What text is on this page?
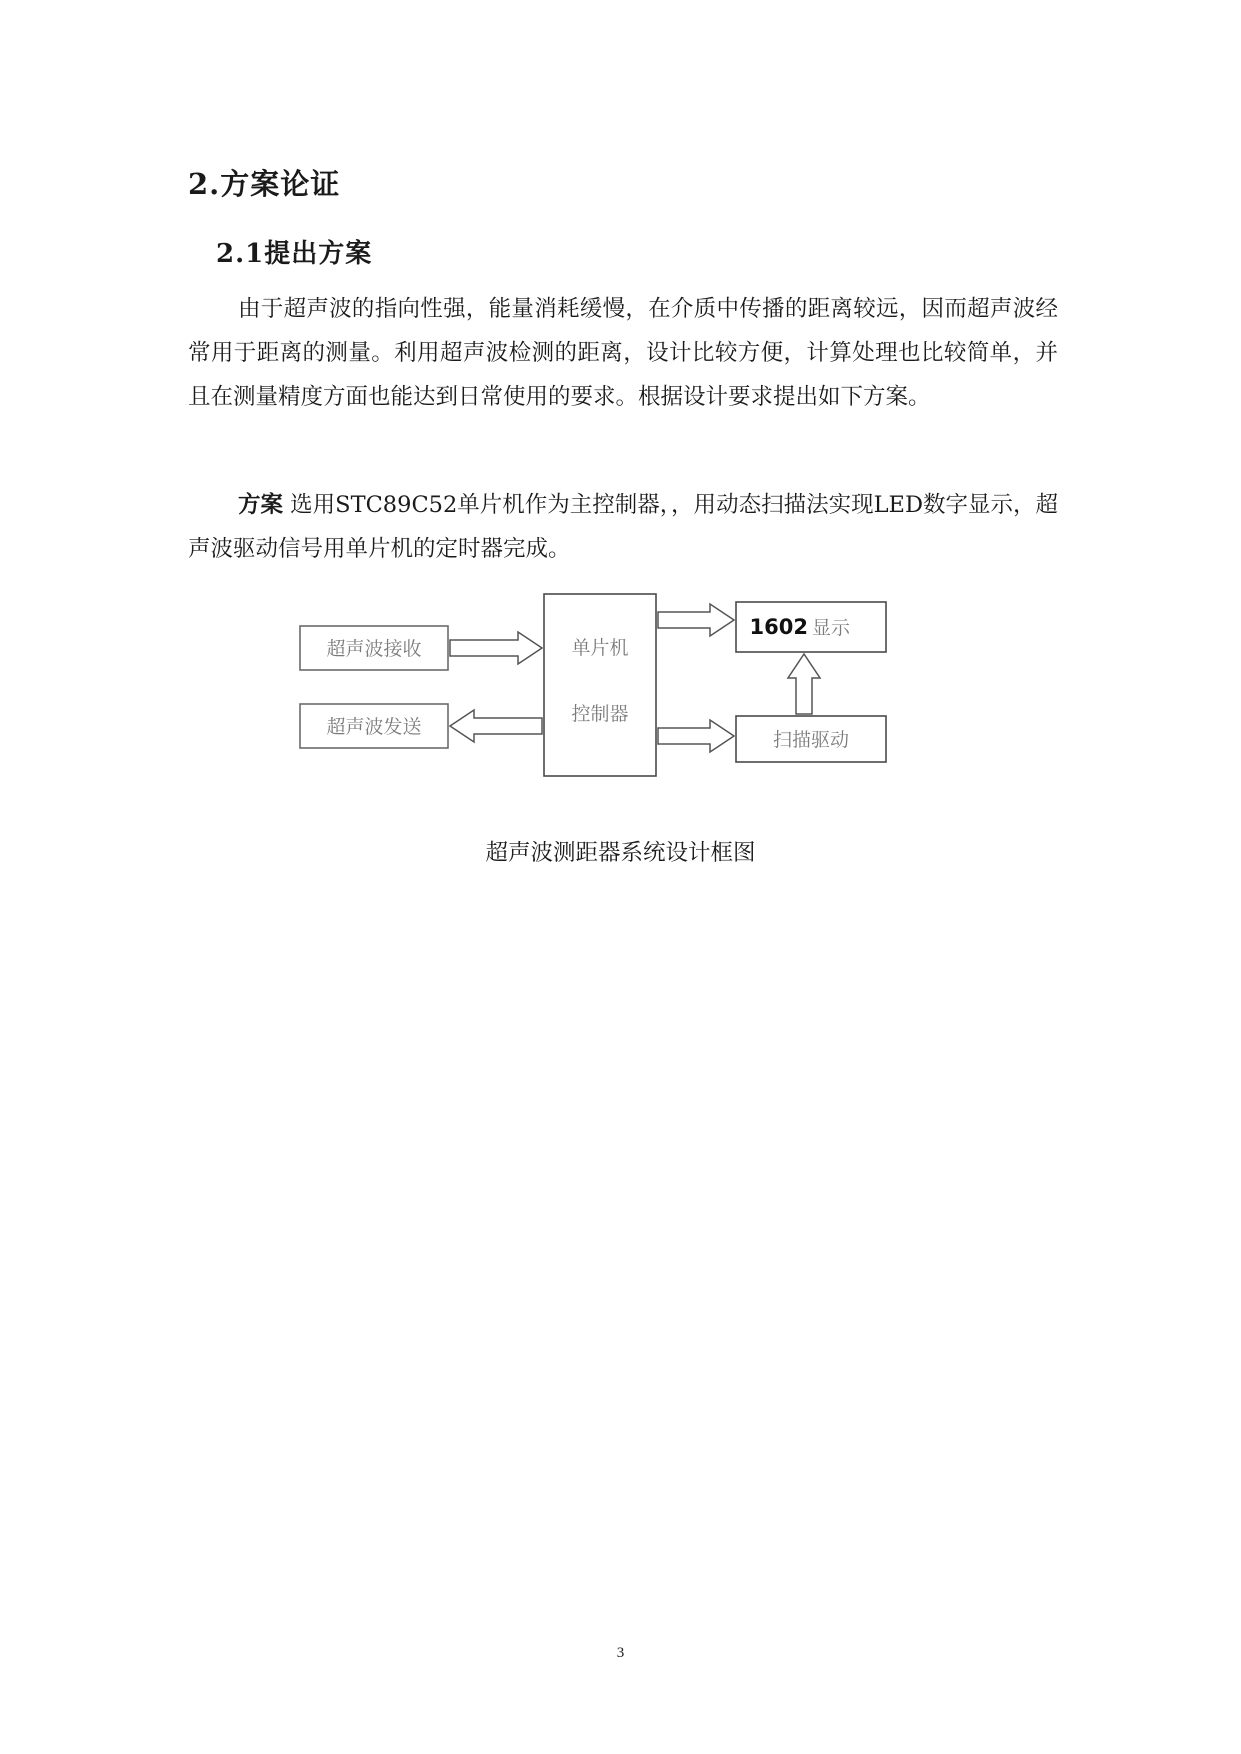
2.方案论证
2.1提出方案

由于超声波的指向性强，能量消耗缓慢，在介质中传播的距离较远，因而超声波经常用于距离的测量。利用超声波检测的距离，设计比较方便，计算处理也比较简单，并且在测量精度方面也能达到日常使用的要求。根据设计要求提出如下方案。

方案 选用STC89C52单片机作为主控制器，，用动态扫描法实现LED数字显示，超声波驱动信号用单片机的定时器完成。

超声波接收
超声波发送
单片机
控制器
1602 显示
扫描驱动
超声波测距器系统设计框图
3
